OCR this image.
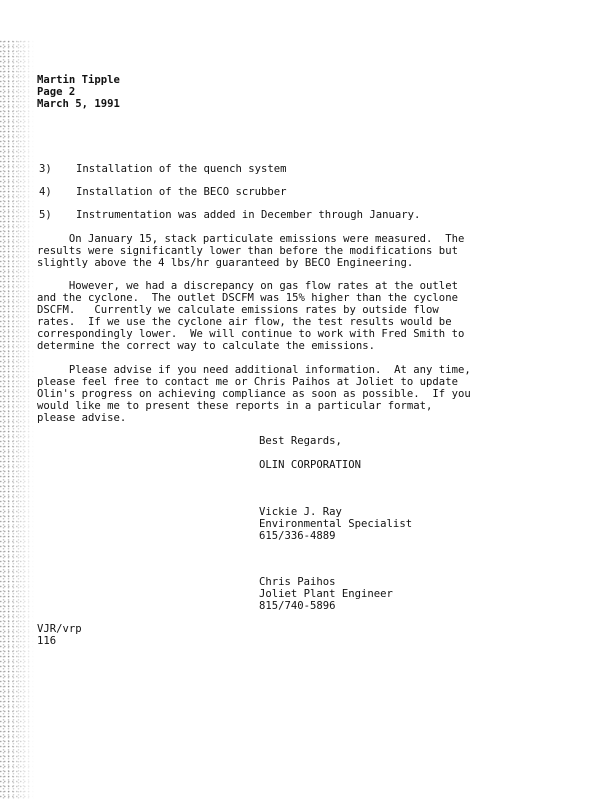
Martin Tipple
Page 2
March 5, 1991
3) Installation of the quench system
4) Installation of the BECO scrubber
5) Instrumentation was added in December through January.
On January 15, stack particulate emissions were measured.  The
results were significantly lower than before the modifications but
slightly above the 4 lbs/hr guaranteed by BECO Engineering.
However, we had a discrepancy on gas flow rates at the outlet
and the cyclone.  The outlet DSCFM was 15% higher than the cyclone
DSCFM.   Currently we calculate emissions rates by outside flow
rates.  If we use the cyclone air flow, the test results would be
correspondingly lower.  We will continue to work with Fred Smith to
determine the correct way to calculate the emissions.
Please advise if you need additional information.  At any time,
please feel free to contact me or Chris Paihos at Joliet to update
Olin's progress on achieving compliance as soon as possible.  If you
would like me to present these reports in a particular format,
please advise.
Best Regards,
OLIN CORPORATION
Vickie J. Ray
Environmental Specialist
615/336-4889
Chris Paihos
Joliet Plant Engineer
815/740-5896
VJR/vrp
116
